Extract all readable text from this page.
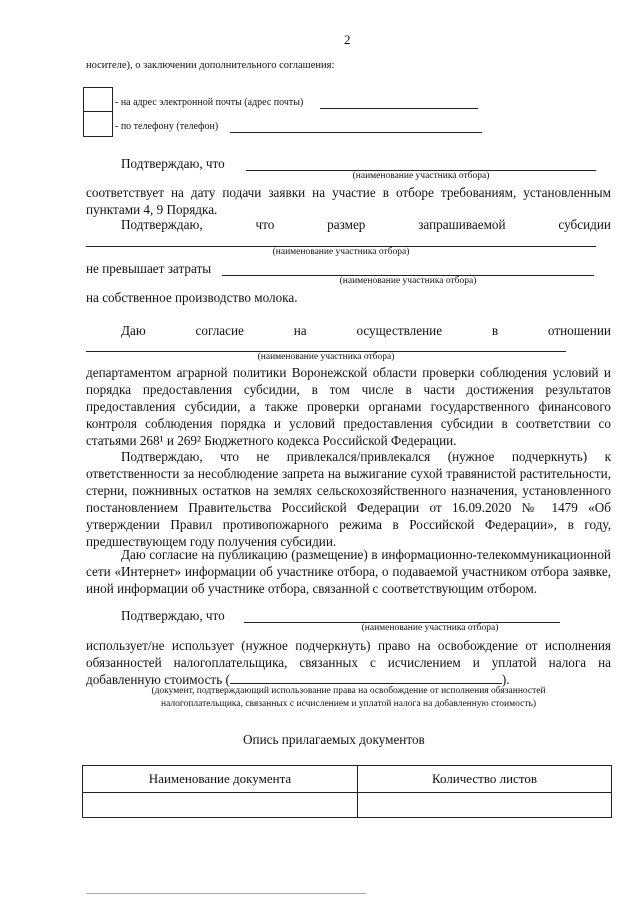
2
носителе), о заключении дополнительного соглашения:
- на адрес электронной почты (адрес почты)
- по телефону (телефон)
Подтверждаю, что
(наименование участника отбора)
соответствует на дату подачи заявки на участие в отборе требованиям, установленным пунктами 4, 9 Порядка.
Подтверждаю,	что	размер	запрашиваемой	субсидии
(наименование участника отбора)
не превышает затраты
(наименование участника отбора)
на собственное производство молока.
Даю	согласие	на	осуществление	в	отношении
(наименование участника отбора)
департаментом аграрной политики Воронежской области проверки соблюдения условий и порядка предоставления субсидии, в том числе в части достижения результатов предоставления субсидии, а также проверки органами государственного финансового контроля соблюдения порядка и условий предоставления субсидии в соответствии со статьями 268¹ и 269² Бюджетного кодекса Российской Федерации.
Подтверждаю, что не привлекался/привлекался (нужное подчеркнуть) к ответственности за несоблюдение запрета на выжигание сухой травянистой растительности, стерни, пожнивных остатков на землях сельскохозяйственного назначения, установленного постановлением Правительства Российской Федерации от 16.09.2020 № 1479 «Об утверждении Правил противопожарного режима в Российской Федерации», в году, предшествующем году получения субсидии.
Даю согласие на публикацию (размещение) в информационно-телекоммуникационной сети «Интернет» информации об участнике отбора, о подаваемой участником отбора заявке, иной информации об участнике отбора, связанной с соответствующим отбором.
Подтверждаю, что
(наименование участника отбора)
использует/не использует (нужное подчеркнуть) право на освобождение от исполнения обязанностей налогоплательщика, связанных с исчислением и уплатой налога на добавленную стоимость (	).
(документ, подтверждающий использование права на освобождение от исполнения обязанностей
налогоплательщика, связанных с исчислением и уплатой налога на добавленную стоимость)
Опись прилагаемых документов
Наименование документа	Количество листов
